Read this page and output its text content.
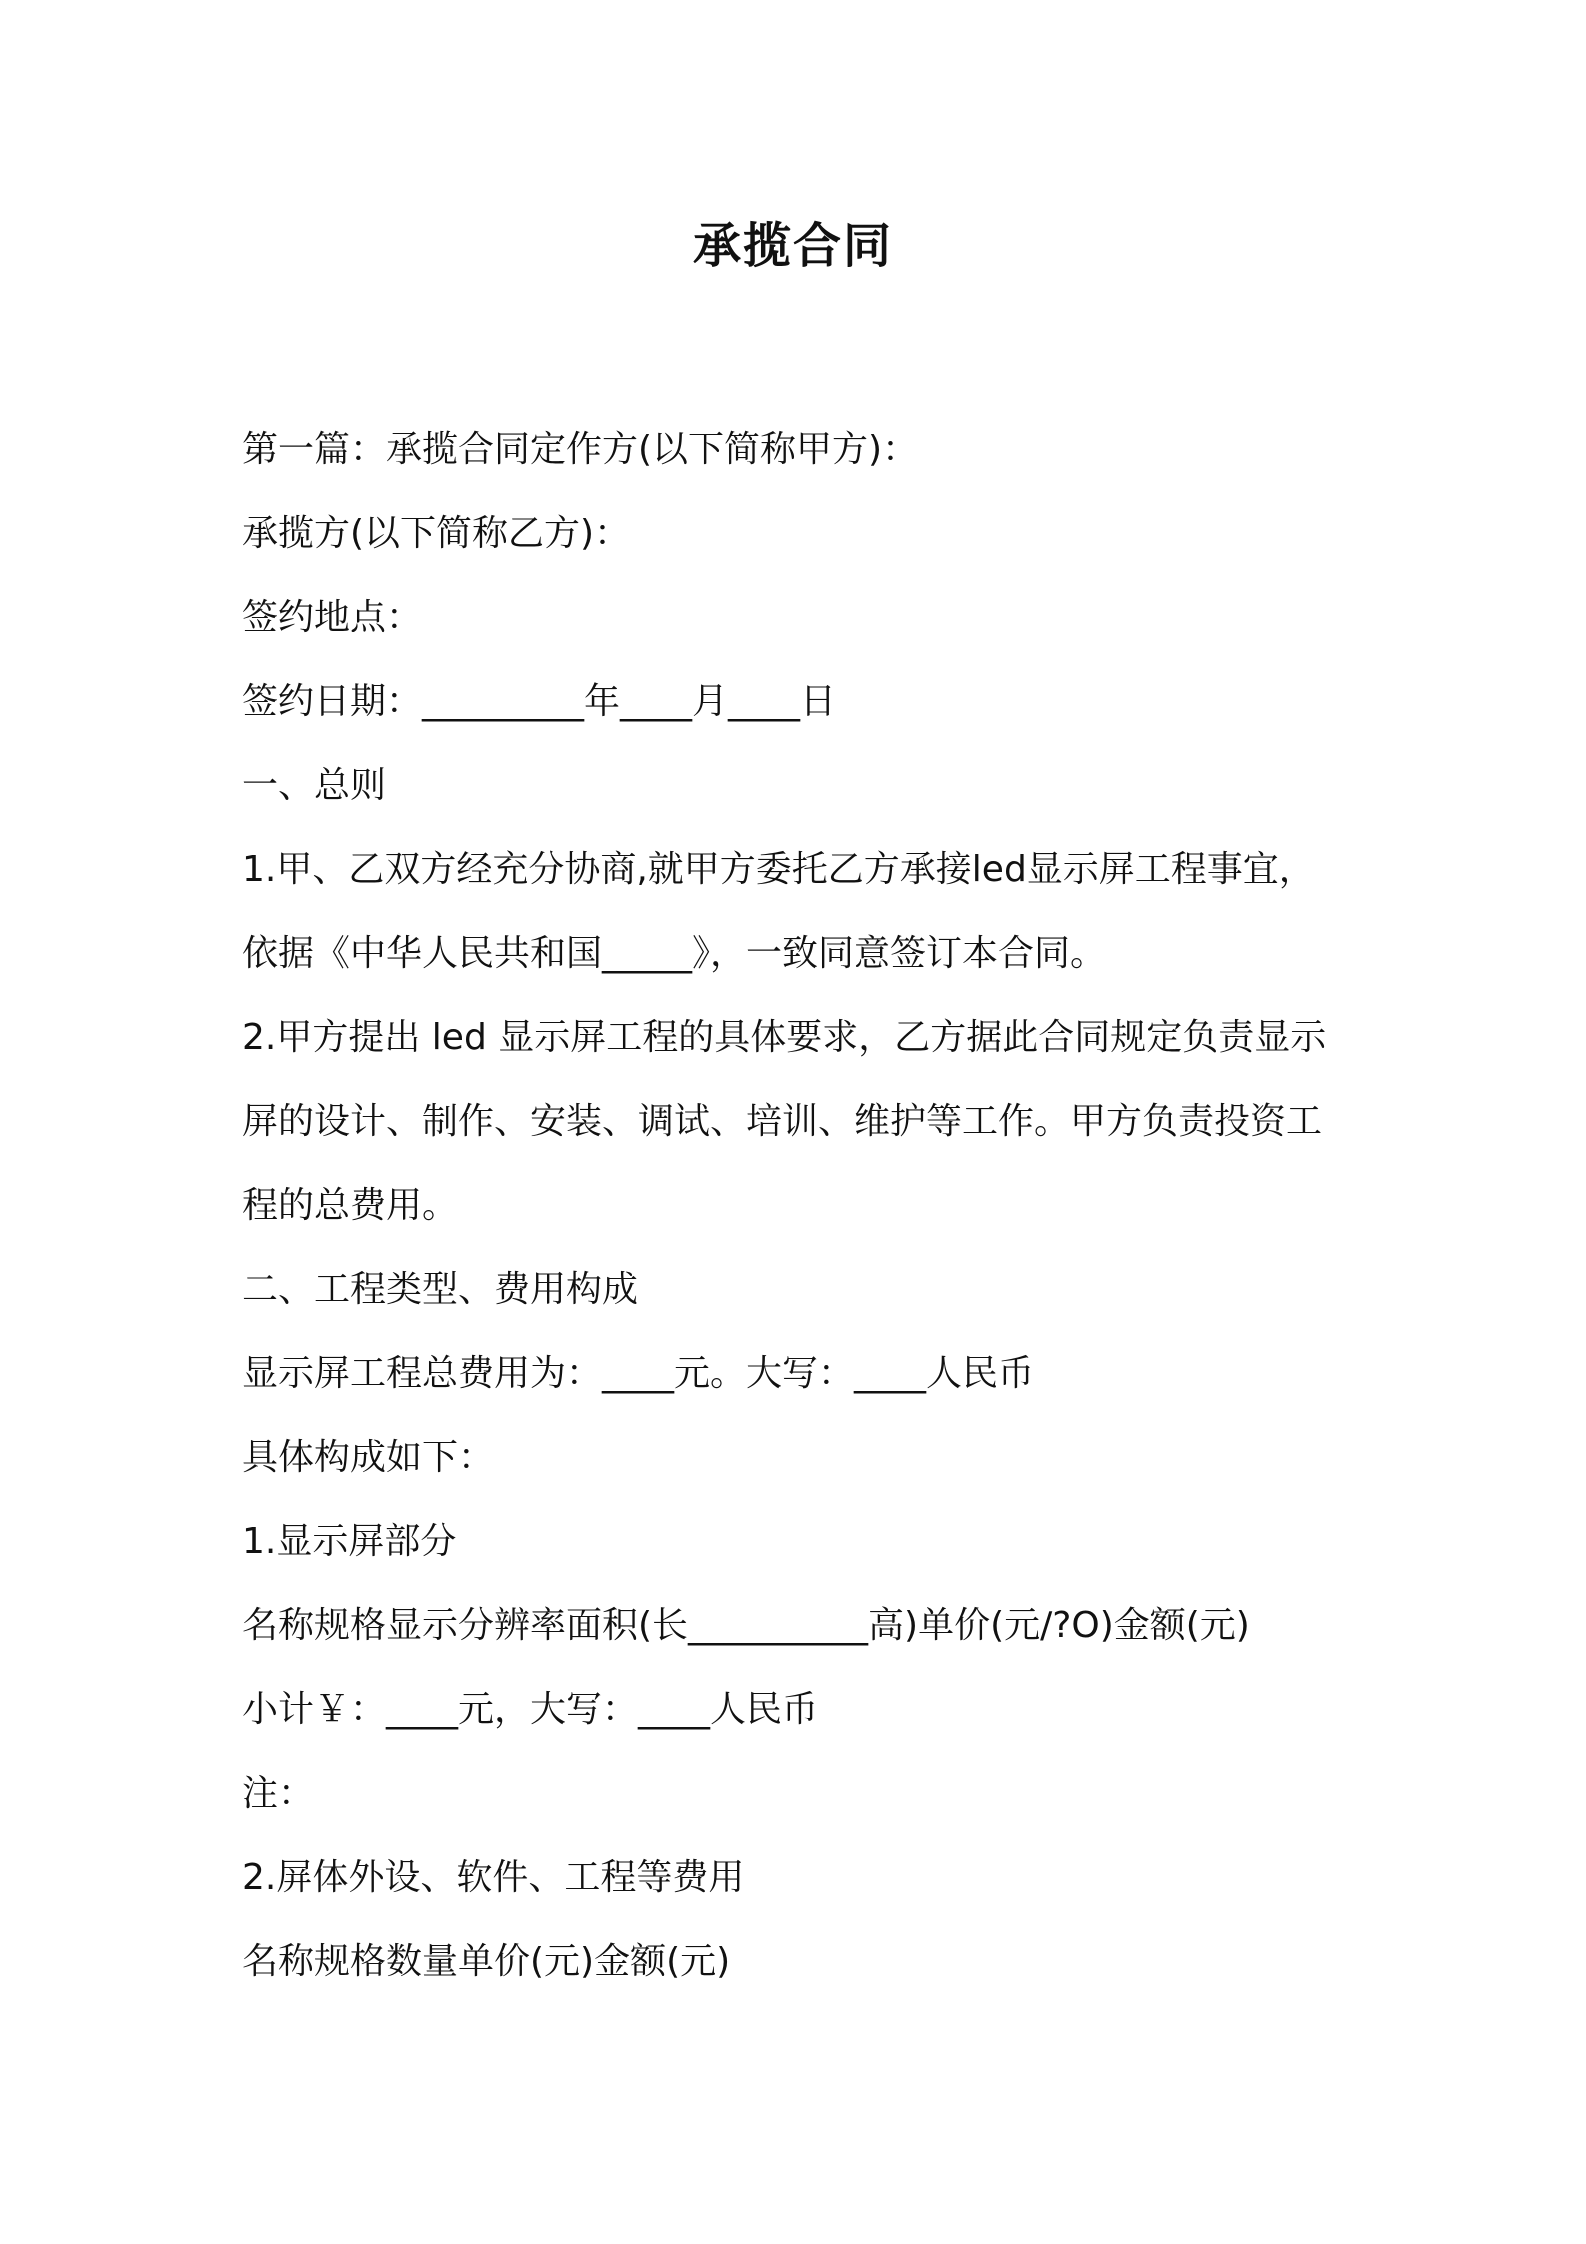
承揽合同
第一篇：承揽合同定作方(以下简称甲方)：
承揽方(以下简称乙方)：
签约地点：
签约日期：_________年____月____日
一、总则
1.甲、乙双方经充分协商,就甲方委托乙方承接led显示屏工程事宜，
依据《中华人民共和国_____》，一致同意签订本合同。
2.甲方提出 led 显示屏工程的具体要求，乙方据此合同规定负责显示
屏的设计、制作、安装、调试、培训、维护等工作。甲方负责投资工
程的总费用。
二、工程类型、费用构成
显示屏工程总费用为：____元。大写：____人民币
具体构成如下：
1.显示屏部分
名称规格显示分辨率面积(长__________高)单价(元/?O)金额(元)
小计￥：____元，大写：____人民币
注：
2.屏体外设、软件、工程等费用
名称规格数量单价(元)金额(元)
